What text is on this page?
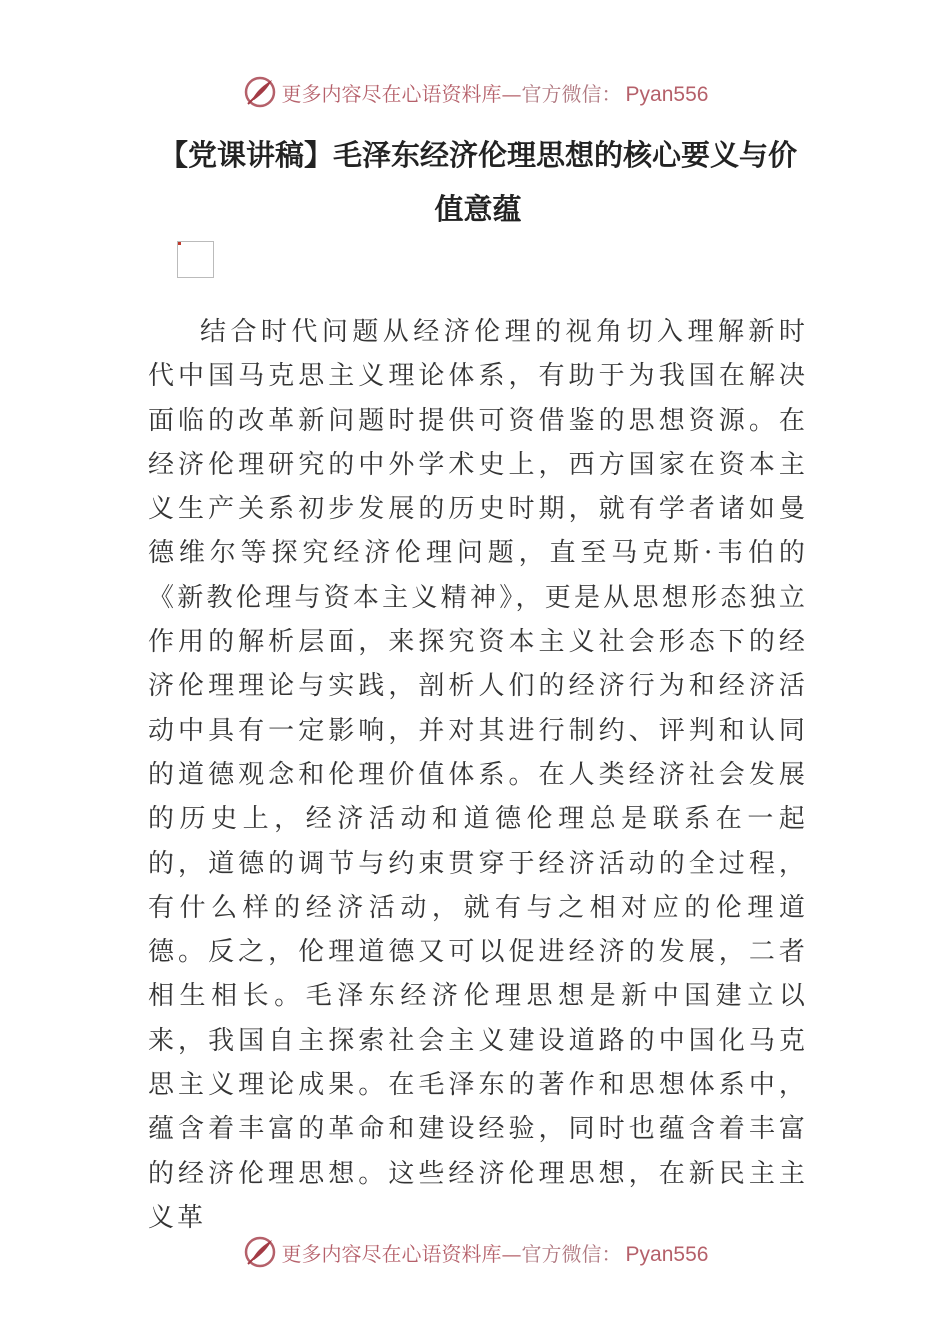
更多内容尽在心语资料库—官方微信： Pyan556
【党课讲稿】毛泽东经济伦理思想的核心要义与价值意蕴

结合时代问题从经济伦理的视角切入理解新时代中国马克思主义理论体系，有助于为我国在解决面临的改革新问题时提供可资借鉴的思想资源。在经济伦理研究的中外学术史上，西方国家在资本主义生产关系初步发展的历史时期，就有学者诸如曼德维尔等探究经济伦理问题，直至马克斯·韦伯的《新教伦理与资本主义精神》，更是从思想形态独立作用的解析层面，来探究资本主义社会形态下的经济伦理理论与实践，剖析人们的经济行为和经济活动中具有一定影响，并对其进行制约、评判和认同的道德观念和伦理价值体系。在人类经济社会发展的历史上，经济活动和道德伦理总是联系在一起的，道德的调节与约束贯穿于经济活动的全过程，有什么样的经济活动，就有与之相对应的伦理道德。反之，伦理道德又可以促进经济的发展，二者相生相长。毛泽东经济伦理思想是新中国建立以来，我国自主探索社会主义建设道路的中国化马克思主义理论成果。在毛泽东的著作和思想体系中，蕴含着丰富的革命和建设经验，同时也蕴含着丰富的经济伦理思想。这些经济伦理思想，在新民主主义革

更多内容尽在心语资料库—官方微信： Pyan556
